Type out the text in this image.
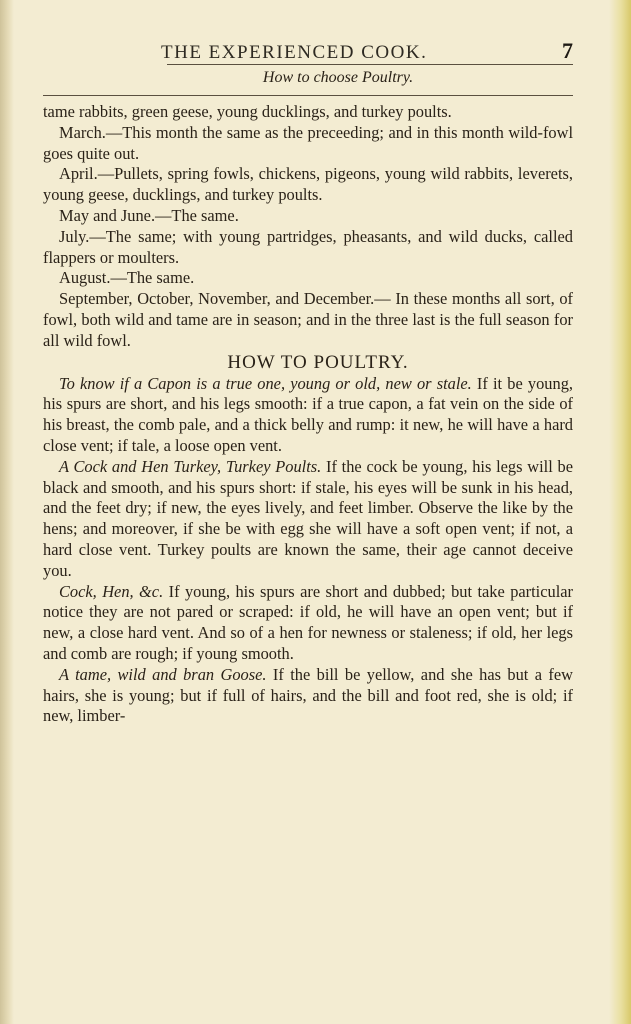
THE EXPERIENCED COOK.	7
How to choose Poultry.

tame rabbits, green geese, young ducklings, and turkey poults.

March.—This month the same as the preceeding; and in this month wild-fowl goes quite out.

April.—Pullets, spring fowls, chickens, pigeons, young wild rabbits, leverets, young geese, ducklings, and turkey poults.

May and June.—The same.

July.—The same; with young partridges, pheasants, and wild ducks, called flappers or moulters.

August.—The same.

September, October, November, and December.— In these months all sort, of fowl, both wild and tame are in season; and in the three last is the full season for all wild fowl.

HOW TO POULTRY.

To know if a Capon is a true one, young or old, new or stale. If it be young, his spurs are short, and his legs smooth: if a true capon, a fat vein on the side of his breast, the comb pale, and a thick belly and rump: it new, he will have a hard close vent; if tale, a loose open vent.

A Cock and Hen Turkey, Turkey Poults. If the cock be young, his legs will be black and smooth, and his spurs short: if stale, his eyes will be sunk in his head, and the feet dry; if new, the eyes lively, and feet limber. Observe the like by the hens; and moreover, if she be with egg she will have a soft open vent; if not, a hard close vent. Turkey poults are known the same, their age cannot deceive you.

Cock, Hen, &c. If young, his spurs are short and dubbed; but take particular notice they are not pared or scraped: if old, he will have an open vent; but if new, a close hard vent. And so of a hen for newness or staleness; if old, her legs and comb are rough; if young smooth.

A tame, wild and bran Goose. If the bill be yellow, and she has but a few hairs, she is young; but if full of hairs, and the bill and foot red, she is old; if new, limber-
